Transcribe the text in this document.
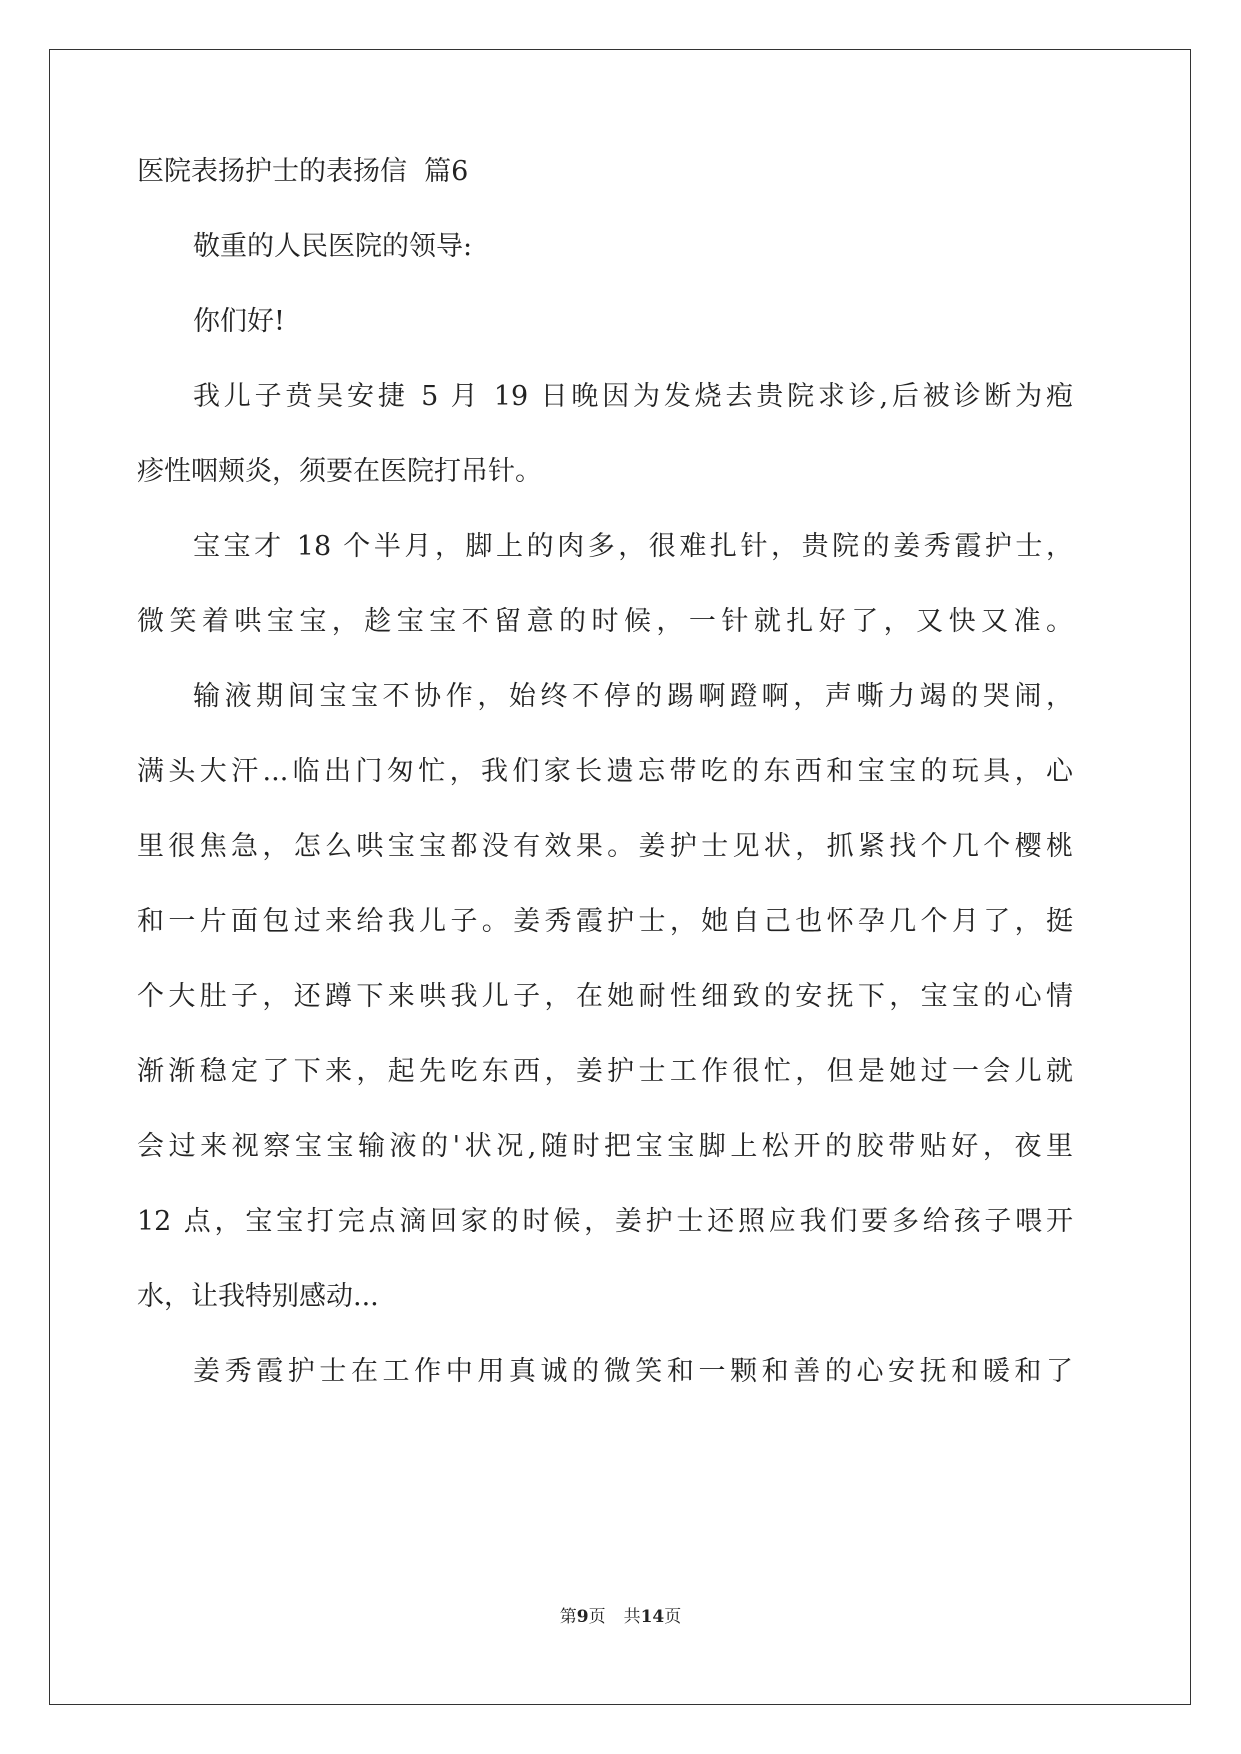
医院表扬护士的表扬信  篇6
敬重的人民医院的领导:
你们好!
我儿子贲吴安捷 5 月 19 日晚因为发烧去贵院求诊,后被诊断为疱
疹性咽颊炎，须要在医院打吊针。
宝宝才 18 个半月，脚上的肉多，很难扎针，贵院的姜秀霞护士，
微笑着哄宝宝，趁宝宝不留意的时候，一针就扎好了，又快又准。
输液期间宝宝不协作，始终不停的踢啊蹬啊，声嘶力竭的哭闹，
满头大汗...临出门匆忙，我们家长遗忘带吃的东西和宝宝的玩具，心
里很焦急，怎么哄宝宝都没有效果。姜护士见状，抓紧找个几个樱桃
和一片面包过来给我儿子。姜秀霞护士，她自己也怀孕几个月了，挺
个大肚子，还蹲下来哄我儿子，在她耐性细致的安抚下，宝宝的心情
渐渐稳定了下来，起先吃东西，姜护士工作很忙，但是她过一会儿就
会过来视察宝宝输液的'状况,随时把宝宝脚上松开的胶带贴好，夜里
12 点，宝宝打完点滴回家的时候，姜护士还照应我们要多给孩子喂开
水，让我特别感动...
姜秀霞护士在工作中用真诚的微笑和一颗和善的心安抚和暖和了
第9页 共14页
